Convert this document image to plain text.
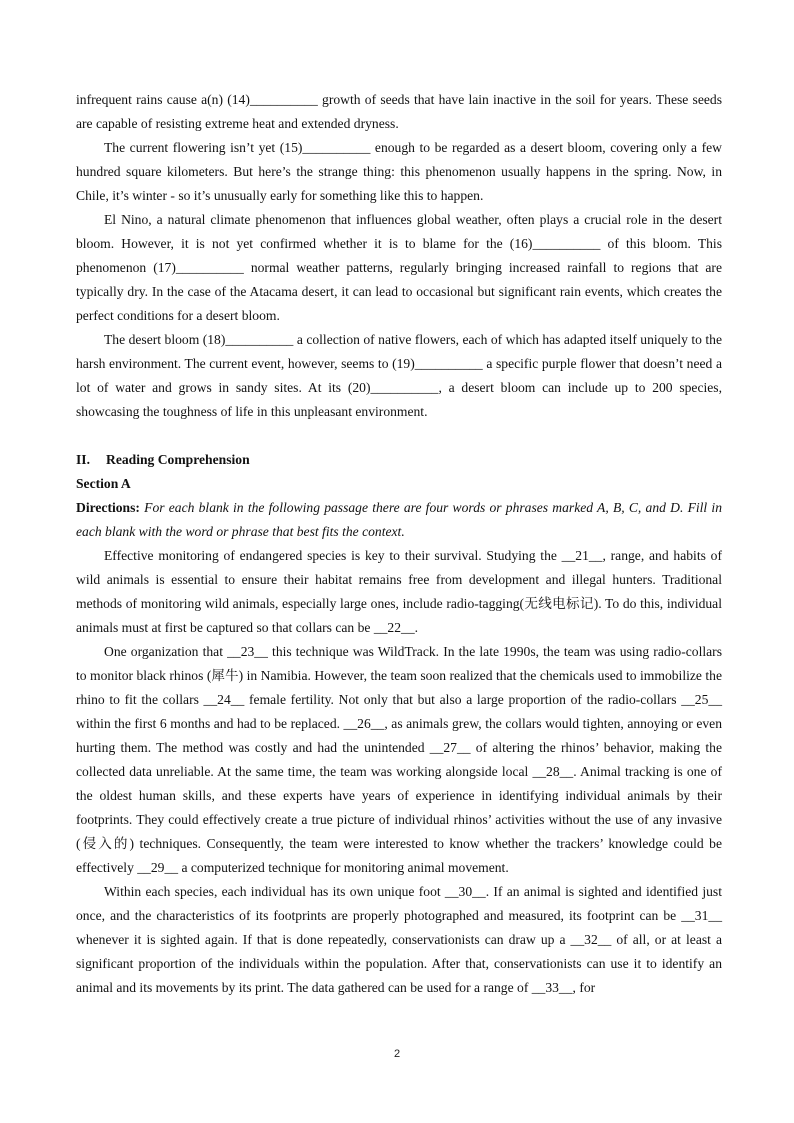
infrequent rains cause a(n) (14)__________ growth of seeds that have lain inactive in the soil for years. These seeds are capable of resisting extreme heat and extended dryness.

The current flowering isn’t yet (15)__________ enough to be regarded as a desert bloom, covering only a few hundred square kilometers. But here’s the strange thing: this phenomenon usually happens in the spring. Now, in Chile, it’s winter - so it’s unusually early for something like this to happen.

El Nino, a natural climate phenomenon that influences global weather, often plays a crucial role in the desert bloom. However, it is not yet confirmed whether it is to blame for the (16)__________ of this bloom. This phenomenon (17)__________ normal weather patterns, regularly bringing increased rainfall to regions that are typically dry. In the case of the Atacama desert, it can lead to occasional but significant rain events, which creates the perfect conditions for a desert bloom.

The desert bloom (18)__________ a collection of native flowers, each of which has adapted itself uniquely to the harsh environment. The current event, however, seems to (19)__________ a specific purple flower that doesn’t need a lot of water and grows in sandy sites. At its (20)__________, a desert bloom can include up to 200 species, showcasing the toughness of life in this unpleasant environment.

II. Reading Comprehension

Section A

Directions: For each blank in the following passage there are four words or phrases marked A, B, C, and D. Fill in each blank with the word or phrase that best fits the context.

Effective monitoring of endangered species is key to their survival. Studying the __21__, range, and habits of wild animals is essential to ensure their habitat remains free from development and illegal hunters. Traditional methods of monitoring wild animals, especially large ones, include radio-tagging(无线电标记). To do this, individual animals must at first be captured so that collars can be __22__.

One organization that __23__ this technique was WildTrack. In the late 1990s, the team was using radio-collars to monitor black rhinos (犀牛) in Namibia. However, the team soon realized that the chemicals used to immobilize the rhino to fit the collars __24__ female fertility. Not only that but also a large proportion of the radio-collars __25__ within the first 6 months and had to be replaced. __26__, as animals grew, the collars would tighten, annoying or even hurting them. The method was costly and had the unintended __27__ of altering the rhinos’ behavior, making the collected data unreliable. At the same time, the team was working alongside local __28__. Animal tracking is one of the oldest human skills, and these experts have years of experience in identifying individual animals by their footprints. They could effectively create a true picture of individual rhinos’ activities without the use of any invasive (侵入的) techniques. Consequently, the team were interested to know whether the trackers’ knowledge could be effectively __29__ a computerized technique for monitoring animal movement.

Within each species, each individual has its own unique foot __30__. If an animal is sighted and identified just once, and the characteristics of its footprints are properly photographed and measured, its footprint can be __31__ whenever it is sighted again. If that is done repeatedly, conservationists can draw up a __32__ of all, or at least a significant proportion of the individuals within the population. After that, conservationists can use it to identify an animal and its movements by its print. The data gathered can be used for a range of __33__, for

2
